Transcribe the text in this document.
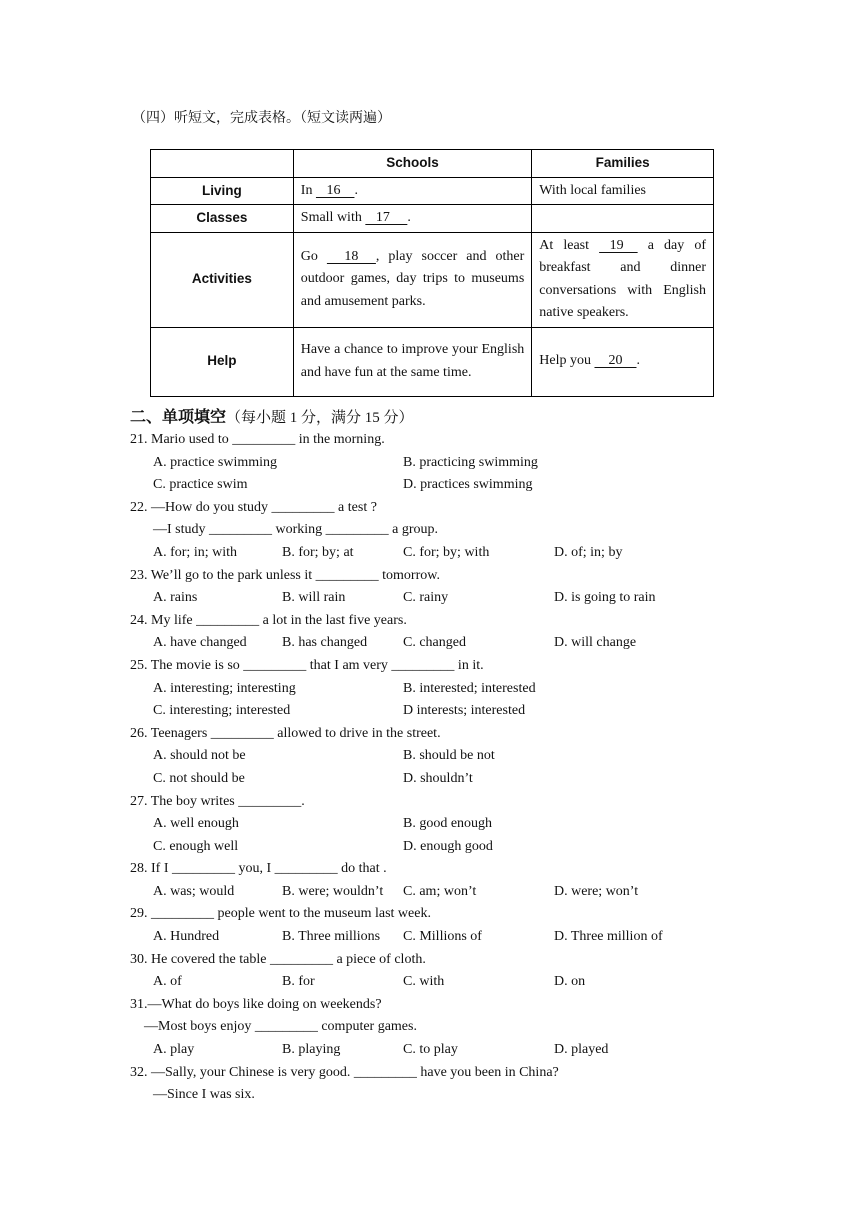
（四）听短文，完成表格。（短文读两遍）
	Schools	Families
Living	In    16    .	With local families
Classes	Small with    17     .	
Activities	Go      18     , play soccer and other outdoor games, day trips to museums and amusement parks.	At least    19     a day of breakfast and dinner conversations with English native speakers.
Help	Have a chance to improve your English and have fun at the same time.	Help you     20    .
二、单项填空（每小题 1 分，满分 15 分）
21. Mario used to _________ in the morning.
A. practice swimming	B. practicing swimming
C. practice swim	D. practices swimming
22. —How do you study _________ a test ?
—I study _________ working _________ a group.
A. for; in; with	B. for; by; at	C. for; by; with	D. of; in; by
23. We’ll go to the park unless it _________ tomorrow.
A. rains	B. will rain	C. rainy	D. is going to rain
24. My life _________ a lot in the last five years.
A. have changed	B. has changed	C. changed	D. will change
25. The movie is so _________ that I am very _________ in it.
A. interesting; interesting	B. interested; interested
C. interesting; interested	D interests; interested
26. Teenagers _________ allowed to drive in the street.
A. should not be	B. should be not
C. not should be	D. shouldn’t
27. The boy writes _________.
A. well enough	B. good enough
C. enough well	D. enough good
28. If I _________ you, I _________ do that .
A. was; would	B. were; wouldn’t C. am; won’t	D. were; won’t
29. _________ people went to the museum last week.
A. Hundred	B. Three millions C. Millions of	D. Three million of
30. He covered the table _________ a piece of cloth.
A. of	B. for	C. with	D. on
31.—What do boys like doing on weekends?
—Most boys enjoy _________ computer games.
A. play	B. playing	C. to play	D. played
32. —Sally, your Chinese is very good. _________ have you been in China?
—Since I was six.
